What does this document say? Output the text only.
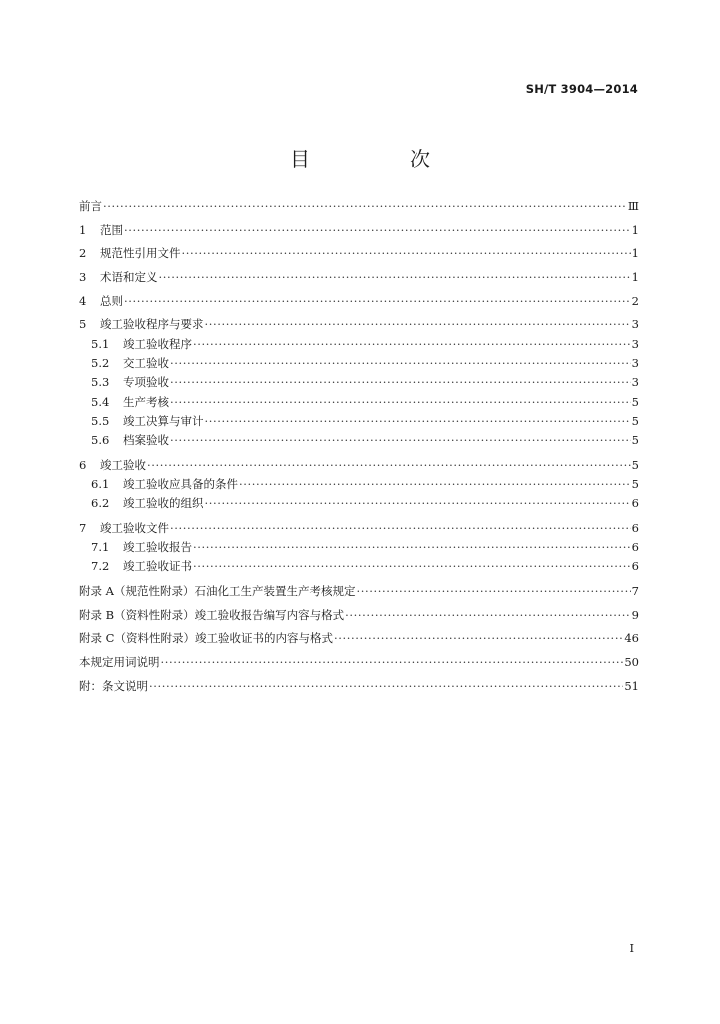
SH/T 3904—2014
目　次
前言 ·····	Ⅲ
1	范围 ·····	1
2	规范性引用文件 ·····	1
3	术语和定义 ·····	1
4	总则 ·····	2
5	竣工验收程序与要求 ·····	3
5.1	竣工验收程序 ·····	3
5.2	交工验收 ·····	3
5.3	专项验收 ·····	3
5.4	生产考核 ·····	5
5.5	竣工决算与审计 ·····	5
5.6	档案验收 ·····	5
6	竣工验收 ·····	5
6.1	竣工验收应具备的条件 ·····	5
6.2	竣工验收的组织 ·····	6
7	竣工验收文件 ·····	6
7.1	竣工验收报告 ·····	6
7.2	竣工验收证书 ·····	6
附录 A（规范性附录）石油化工生产装置生产考核规定 ·····	7
附录 B（资料性附录）竣工验收报告编写内容与格式 ·····	9
附录 C（资料性附录）竣工验收证书的内容与格式 ·····	46
本规定用词说明 ·····	50
附：条文说明 ·····	51
I
